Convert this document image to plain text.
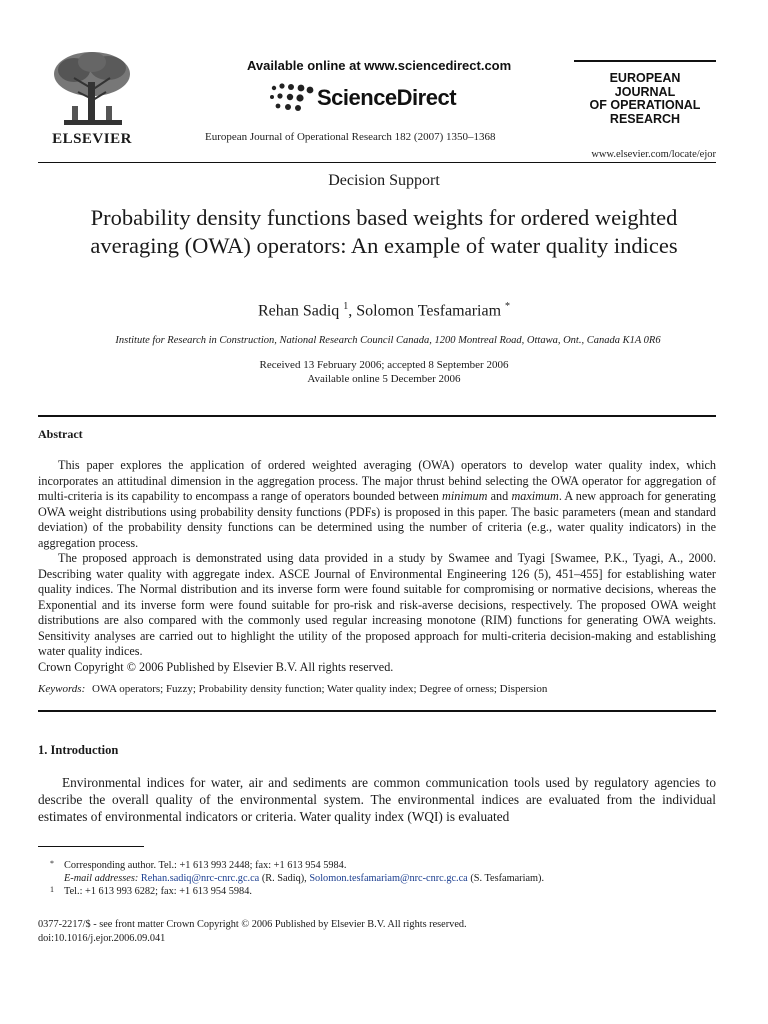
ELSEVIER
Available online at www.sciencedirect.com
ScienceDirect
European Journal of Operational Research 182 (2007) 1350–1368
EUROPEAN
JOURNAL
OF OPERATIONAL
RESEARCH
www.elsevier.com/locate/ejor
Decision Support
Probability density functions based weights for ordered weighted averaging (OWA) operators: An example of water quality indices
Rehan Sadiq $^1$, Solomon Tesfamariam *
Institute for Research in Construction, National Research Council Canada, 1200 Montreal Road, Ottawa, Ont., Canada K1A 0R6
Received 13 February 2006; accepted 8 September 2006
Available online 5 December 2006
Abstract

This paper explores the application of ordered weighted averaging (OWA) operators to develop water quality index, which incorporates an attitudinal dimension in the aggregation process. The major thrust behind selecting the OWA operator for aggregation of multi-criteria is its capability to encompass a range of operators bounded between minimum and maximum. A new approach for generating OWA weight distributions using probability density functions (PDFs) is proposed in this paper. The basic parameters (mean and standard deviation) of the probability density functions can be determined using the number of criteria (e.g., water quality indicators) in the aggregation process.

The proposed approach is demonstrated using data provided in a study by Swamee and Tyagi [Swamee, P.K., Tyagi, A., 2000. Describing water quality with aggregate index. ASCE Journal of Environmental Engineering 126 (5), 451–455] for establishing water quality indices. The Normal distribution and its inverse form were found suitable for compromising or normative decisions, whereas the Exponential and its inverse form were found suitable for pro-risk and risk-averse decisions, respectively. The proposed OWA weight distributions are also compared with the commonly used regular increasing monotone (RIM) functions for generating OWA weights. Sensitivity analyses are carried out to highlight the utility of the proposed approach for multi-criteria decision-making and establishing water quality indices.

Crown Copyright © 2006 Published by Elsevier B.V. All rights reserved.

Keywords: OWA operators; Fuzzy; Probability density function; Water quality index; Degree of orness; Dispersion
1. Introduction

Environmental indices for water, air and sediments are common communication tools used by regulatory agencies to describe the overall quality of the environmental system. The environmental indices are evaluated from the individual estimates of environmental indicators or criteria. Water quality index (WQI) is evaluated

* Corresponding author. Tel.: +1 613 993 2448; fax: +1 613 954 5984.
E-mail addresses: Rehan.sadiq@nrc-cnrc.gc.ca (R. Sadiq), Solomon.tesfamariam@nrc-cnrc.gc.ca (S. Tesfamariam).
1 Tel.: +1 613 993 6282; fax: +1 613 954 5984.
0377-2217/$ - see front matter Crown Copyright © 2006 Published by Elsevier B.V. All rights reserved.
doi:10.1016/j.ejor.2006.09.041
